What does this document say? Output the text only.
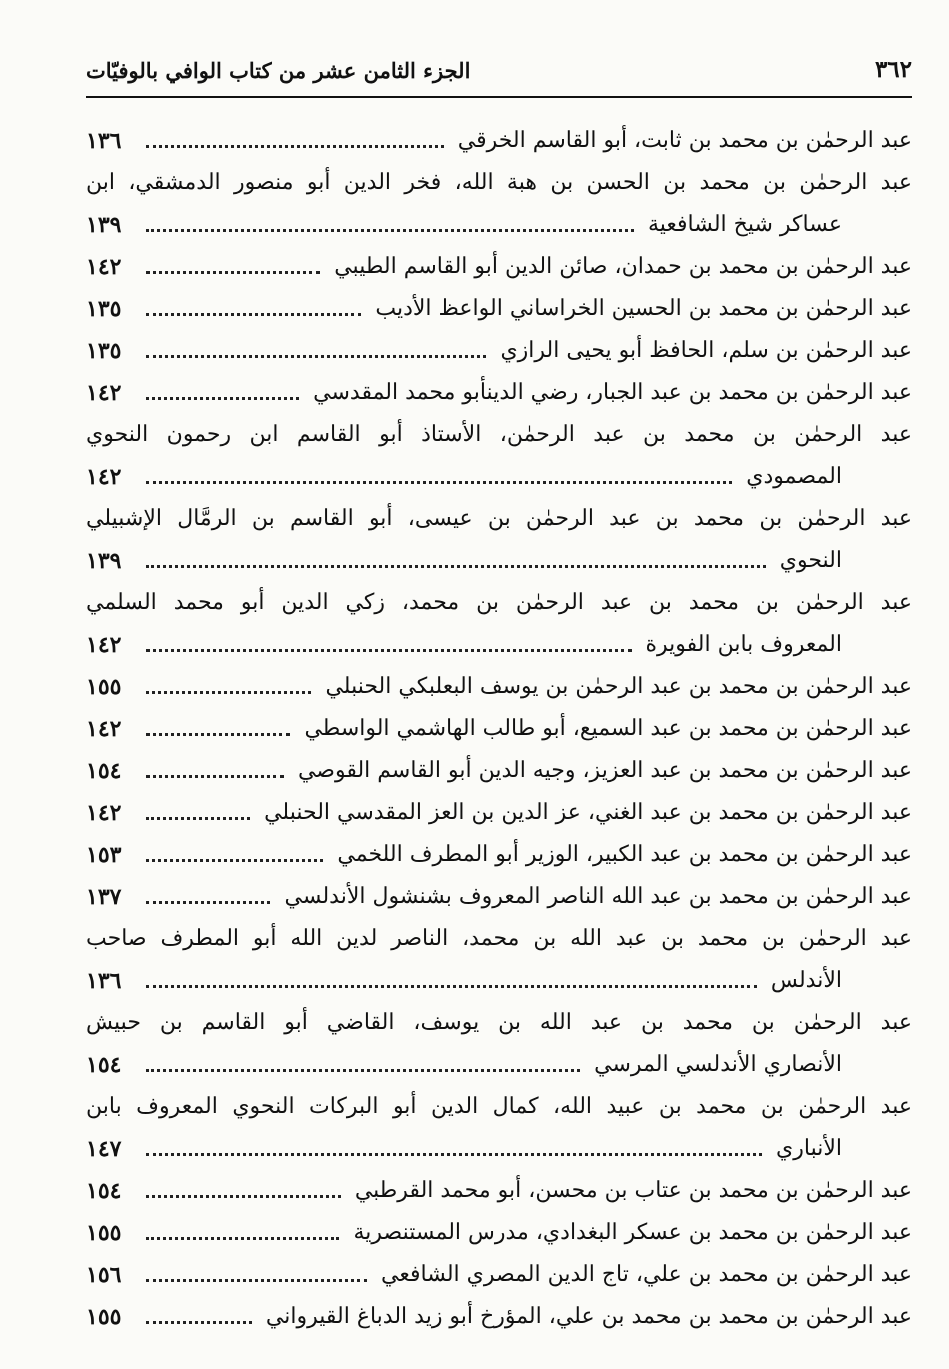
٣٦٢
الجزء الثامن عشر من كتاب الوافي بالوفيّات
عبد الرحمٰن بن محمد بن ثابت، أبو القاسم الخرقي
١٣٦
عبد الرحمٰن بن محمد بن الحسن بن هبة الله، فخر الدين أبو منصور الدمشقي، ابن
عساكر شيخ الشافعية
١٣٩
عبد الرحمٰن بن محمد بن حمدان، صائن الدين أبو القاسم الطيبي
١٤٢
عبد الرحمٰن بن محمد بن الحسين الخراساني الواعظ الأديب
١٣٥
عبد الرحمٰن بن سلم، الحافظ أبو يحيى الرازي
١٣٥
عبد الرحمٰن بن محمد بن عبد الجبار، رضي الدينأبو محمد المقدسي
١٤٢
عبد الرحمٰن بن محمد بن عبد الرحمٰن، الأستاذ أبو القاسم ابن رحمون النحوي
المصمودي
١٤٢
عبد الرحمٰن بن محمد بن عبد الرحمٰن بن عيسى، أبو القاسم بن الرمَّال الإشبيلي
النحوي
١٣٩
عبد الرحمٰن بن محمد بن عبد الرحمٰن بن محمد، زكي الدين أبو محمد السلمي
المعروف بابن الفويرة
١٤٢
عبد الرحمٰن بن محمد بن عبد الرحمٰن بن يوسف البعلبكي الحنبلي
١٥٥
عبد الرحمٰن بن محمد بن عبد السميع، أبو طالب الهاشمي الواسطي
١٤٢
عبد الرحمٰن بن محمد بن عبد العزيز، وجيه الدين أبو القاسم القوصي
١٥٤
عبد الرحمٰن بن محمد بن عبد الغني، عز الدين بن العز المقدسي الحنبلي
١٤٢
عبد الرحمٰن بن محمد بن عبد الكبير، الوزير أبو المطرف اللخمي
١٥٣
عبد الرحمٰن بن محمد بن عبد الله الناصر المعروف بشنشول الأندلسي
١٣٧
عبد الرحمٰن بن محمد بن عبد الله بن محمد، الناصر لدين الله أبو المطرف صاحب
الأندلس
١٣٦
عبد الرحمٰن بن محمد بن عبد الله بن يوسف، القاضي أبو القاسم بن حبيش
الأنصاري الأندلسي المرسي
١٥٤
عبد الرحمٰن بن محمد بن عبيد الله، كمال الدين أبو البركات النحوي المعروف بابن
الأنباري
١٤٧
عبد الرحمٰن بن محمد بن عتاب بن محسن، أبو محمد القرطبي
١٥٤
عبد الرحمٰن بن محمد بن عسكر البغدادي، مدرس المستنصرية
١٥٥
عبد الرحمٰن بن محمد بن علي، تاج الدين المصري الشافعي
١٥٦
عبد الرحمٰن بن محمد بن محمد بن علي، المؤرخ أبو زيد الدباغ القيرواني
١٥٥
